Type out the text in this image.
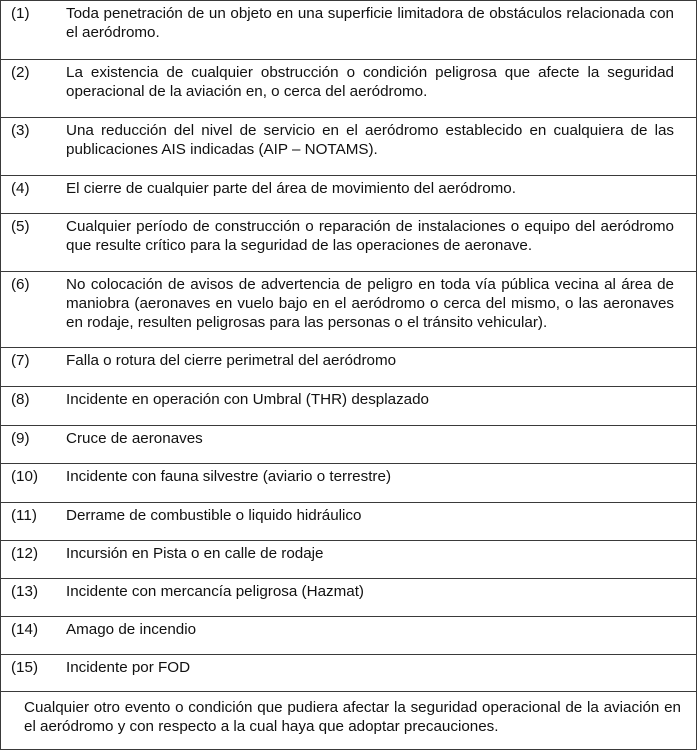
(1) Toda penetración de un objeto en una superficie limitadora de obstáculos relacionada con el aeródromo.
(2) La existencia de cualquier obstrucción o condición peligrosa que afecte la seguridad operacional de la aviación en, o cerca del aeródromo.
(3) Una reducción del nivel de servicio en el aeródromo establecido en cualquiera de las publicaciones AIS indicadas (AIP – NOTAMS).
(4) El cierre de cualquier parte del área de movimiento del aeródromo.
(5) Cualquier período de construcción o reparación de instalaciones o equipo del aeródromo que resulte crítico para la seguridad de las operaciones de aeronave.
(6) No colocación de avisos de advertencia de peligro en toda vía pública vecina al área de maniobra (aeronaves en vuelo bajo en el aeródromo o cerca del mismo, o las aeronaves en rodaje, resulten peligrosas para las personas o el tránsito vehicular).
(7) Falla o rotura del cierre perimetral del aeródromo
(8) Incidente en operación con Umbral (THR) desplazado
(9) Cruce de aeronaves
(10) Incidente con fauna silvestre (aviario o terrestre)
(11) Derrame de combustible o liquido hidráulico
(12) Incursión en Pista o en calle de rodaje
(13) Incidente con mercancía peligrosa (Hazmat)
(14) Amago de incendio
(15) Incidente por FOD
Cualquier otro evento o condición que pudiera afectar la seguridad operacional de la aviación en el aeródromo y con respecto a la cual haya que adoptar precauciones.
